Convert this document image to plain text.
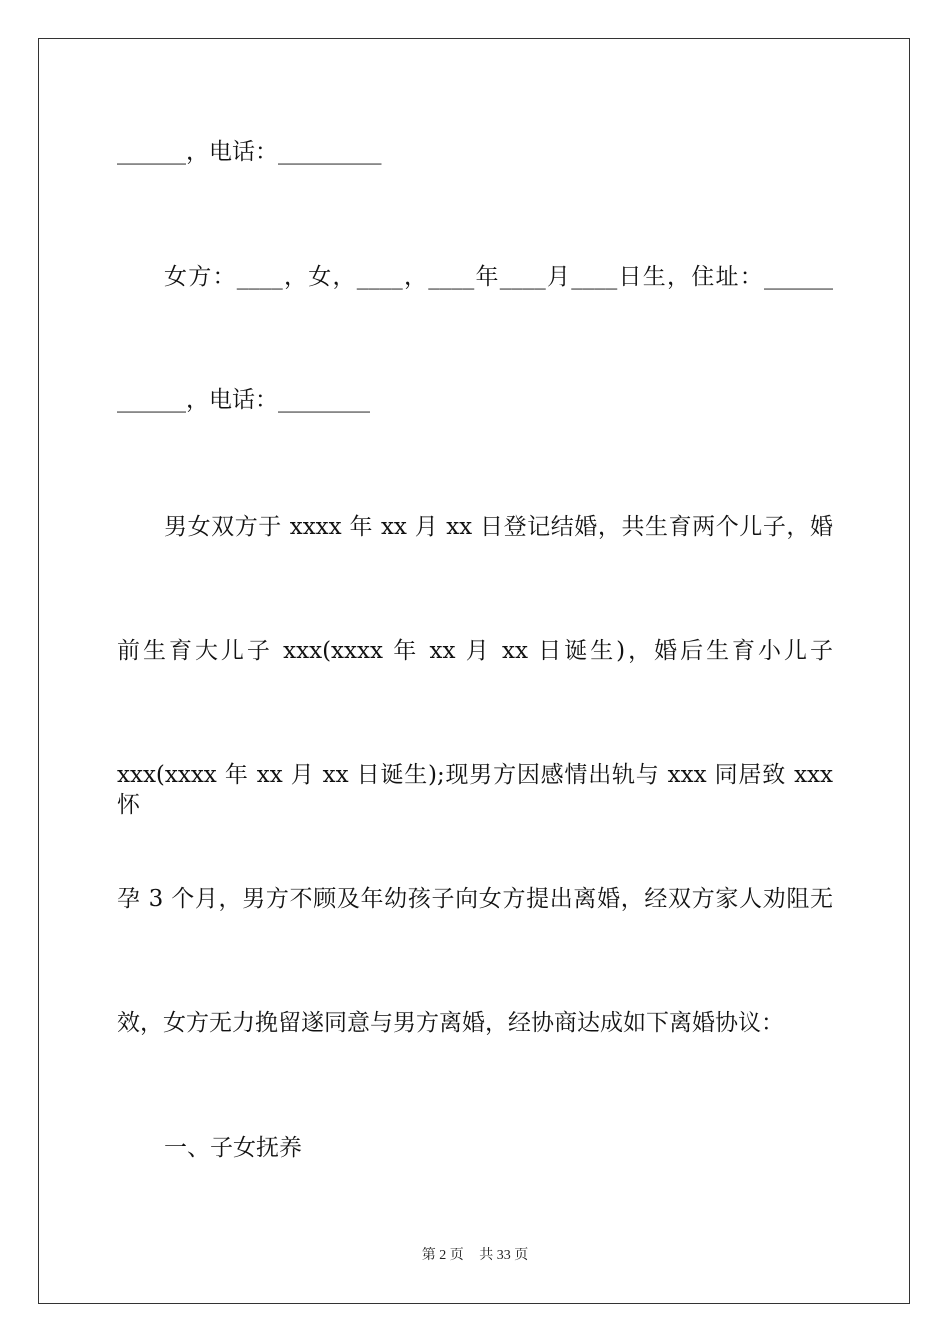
______，电话：_________
女方：____，女，____，____年____月____日生，住址：______
______，电话：________
男女双方于 xxxx 年 xx 月 xx 日登记结婚，共生育两个儿子，婚
前生育大儿子 xxx(xxxx 年 xx 月 xx 日诞生)，婚后生育小儿子
xxx(xxxx 年 xx 月 xx 日诞生);现男方因感情出轨与 xxx 同居致 xxx 怀
孕 3 个月，男方不顾及年幼孩子向女方提出离婚，经双方家人劝阻无
效，女方无力挽留遂同意与男方离婚，经协商达成如下离婚协议：
一、子女抚养
第 2 页 共 33 页
